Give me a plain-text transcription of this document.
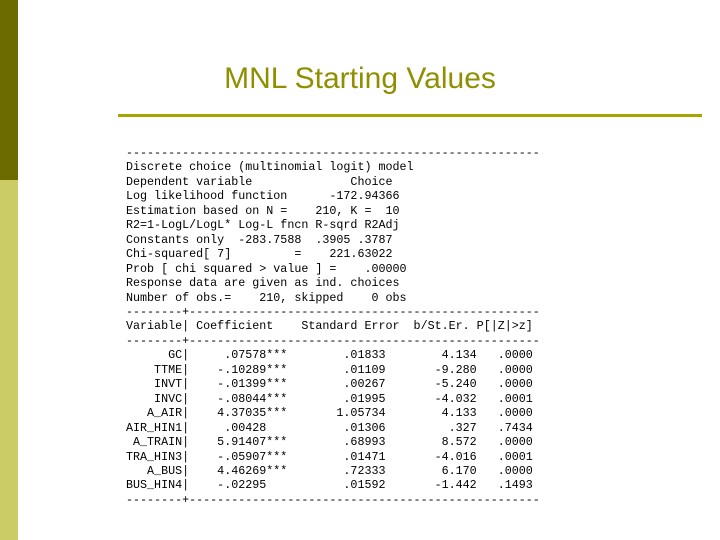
MNL Starting Values
-----------------------------------------------------------
Discrete choice (multinomial logit) model
Dependent variable              Choice
Log likelihood function      -172.94366
Estimation based on N =    210, K =  10
R2=1-LogL/LogL* Log-L fncn R-sqrd R2Adj
Constants only  -283.7588  .3905 .3787
Chi-squared[ 7]         =    221.63022
Prob [ chi squared > value ] =    .00000
Response data are given as ind. choices
Number of obs.=    210, skipped    0 obs
--------+--------------------------------------------------
Variable| Coefficient    Standard Error  b/St.Er. P[|Z|>z]
--------+--------------------------------------------------
GC|     .07578***        .01833        4.134   .0000
TTME|    -.10289***        .01109       -9.280   .0000
INVT|    -.01399***        .00267       -5.240   .0000
INVC|    -.08044***        .01995       -4.032   .0001
A_AIR|    4.37035***       1.05734        4.133   .0000
AIR_HIN1|     .00428           .01306         .327   .7434
A_TRAIN|    5.91407***        .68993        8.572   .0000
TRA_HIN3|    -.05907***        .01471       -4.016   .0001
A_BUS|    4.46269***        .72333        6.170   .0000
BUS_HIN4|    -.02295           .01592       -1.442   .1493
--------+--------------------------------------------------
